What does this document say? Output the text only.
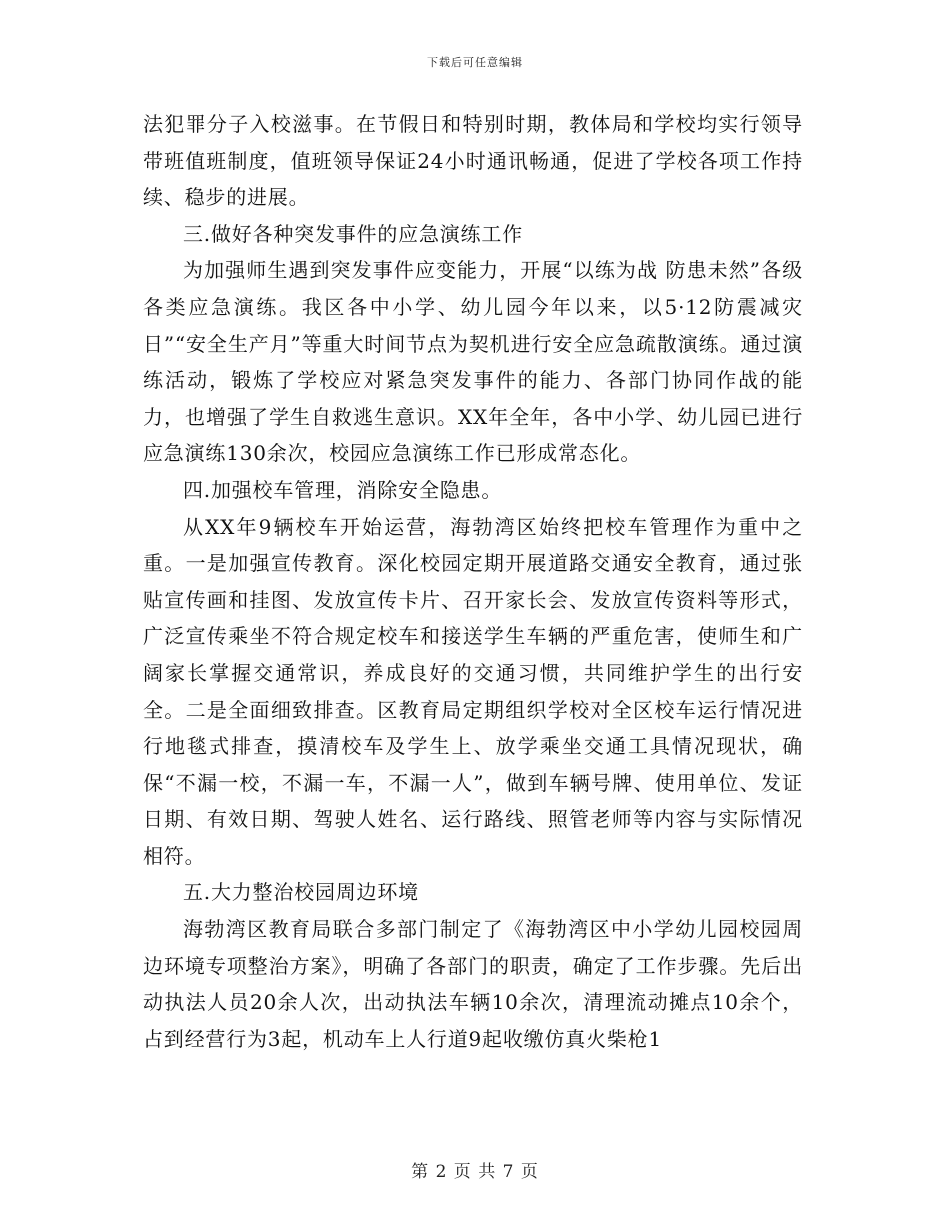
下载后可任意编辑

法犯罪分子入校滋事。在节假日和特别时期，教体局和学校均实行领导带班值班制度，值班领导保证24小时通讯畅通，促进了学校各项工作持续、稳步的进展。

三.做好各种突发事件的应急演练工作

为加强师生遇到突发事件应变能力，开展“以练为战 防患未然”各级各类应急演练。我区各中小学、幼儿园今年以来，以5·12防震减灾日”“安全生产月”等重大时间节点为契机进行安全应急疏散演练。通过演练活动，锻炼了学校应对紧急突发事件的能力、各部门协同作战的能力，也增强了学生自救逃生意识。XX年全年，各中小学、幼儿园已进行应急演练130余次，校园应急演练工作已形成常态化。

四.加强校车管理，消除安全隐患。

从XX年9辆校车开始运营，海勃湾区始终把校车管理作为重中之重。一是加强宣传教育。深化校园定期开展道路交通安全教育，通过张贴宣传画和挂图、发放宣传卡片、召开家长会、发放宣传资料等形式，广泛宣传乘坐不符合规定校车和接送学生车辆的严重危害，使师生和广阔家长掌握交通常识，养成良好的交通习惯，共同维护学生的出行安全。二是全面细致排查。区教育局定期组织学校对全区校车运行情况进行地毯式排查，摸清校车及学生上、放学乘坐交通工具情况现状，确保“不漏一校，不漏一车，不漏一人”，做到车辆号牌、使用单位、发证日期、有效日期、驾驶人姓名、运行路线、照管老师等内容与实际情况相符。

五.大力整治校园周边环境

海勃湾区教育局联合多部门制定了《海勃湾区中小学幼儿园校园周边环境专项整治方案》，明确了各部门的职责，确定了工作步骤。先后出动执法人员20余人次，出动执法车辆10余次，清理流动摊点10余个，占到经营行为3起，机动车上人行道9起收缴仿真火柴枪1

第 2 页 共 7 页
